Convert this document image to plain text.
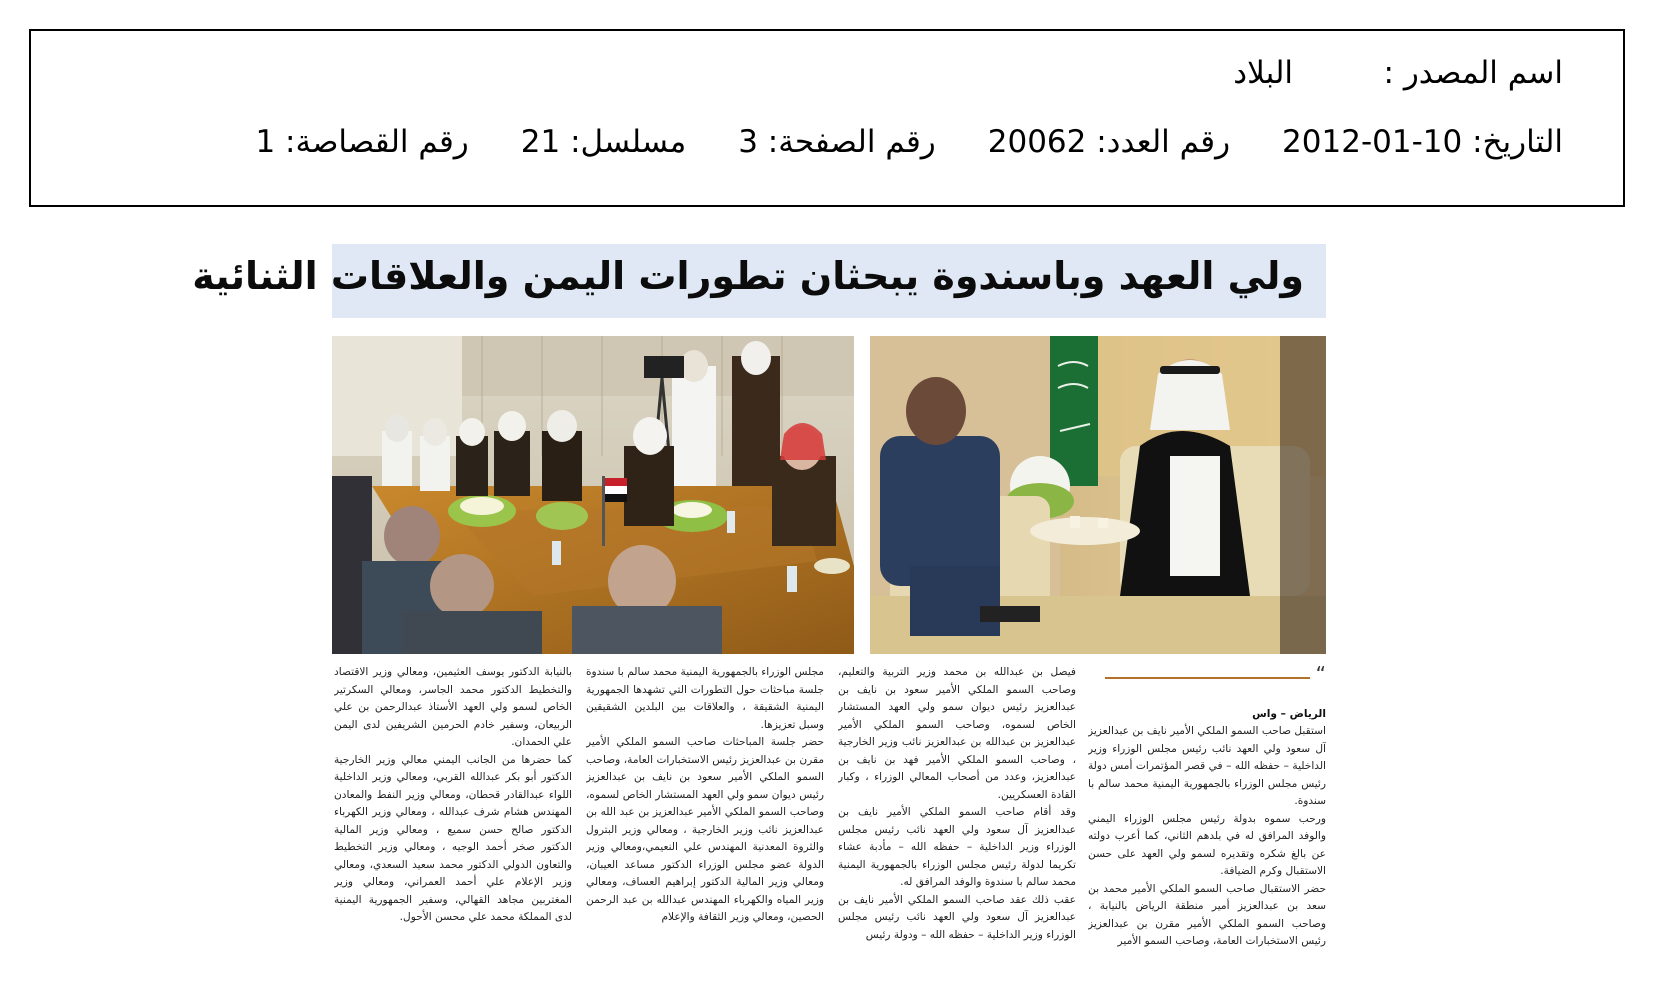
اسم المصدر :البلاد
التاريخ: 10-01-2012رقم العدد: 20062رقم الصفحة: 3مسلسل: 21رقم القصاصة: 1
ولي العهد وباسندوة يبحثان تطورات اليمن والعلاقات الثنائية
“
الرياض – واس
استقبل صاحب السمو الملكي الأمير نايف بن عبدالعزيز آل سعود ولي العهد نائب رئيس مجلس الوزراء وزير الداخلية – حفظه الله – في قصر المؤتمرات أمس دولة رئيس مجلس الوزراء بالجمهورية اليمنية محمد سالم با سندوة.
ورحب سموه بدولة رئيس مجلس الوزراء اليمني والوفد المرافق له في بلدهم الثاني، كما أعرب دولته عن بالغ شكره وتقديره لسمو ولي العهد على حسن الاستقبال وكرم الضيافة.
حضر الاستقبال صاحب السمو الملكي الأمير محمد بن سعد بن عبدالعزيز أمير منطقة الرياض بالنيابة ، وصاحب السمو الملكي الأمير مقرن بن عبدالعزيز رئيس الاستخبارات العامة، وصاحب السمو الأمير
فيصل بن عبدالله بن محمد وزير التربية والتعليم، وصاحب السمو الملكي الأمير سعود بن نايف بن عبدالعزيز رئيس ديوان سمو ولي العهد المستشار الخاص لسموه، وصاحب السمو الملكي الأمير عبدالعزيز بن عبدالله بن عبدالعزيز نائب وزير الخارجية ، وصاحب السمو الملكي الأمير فهد بن نايف بن عبدالعزيز، وعدد من أصحاب المعالي الوزراء ، وكبار القادة العسكريين.
وقد أقام صاحب السمو الملكي الأمير نايف بن عبدالعزيز آل سعود ولي العهد نائب رئيس مجلس الوزراء وزير الداخلية – حفظه الله – مأدبة عشاء تكريما لدولة رئيس مجلس الوزراء بالجمهورية اليمنية محمد سالم با سندوة والوفد المرافق له.
عقب ذلك عقد صاحب السمو الملكي الأمير نايف بن عبدالعزيز آل سعود ولي العهد نائب رئيس مجلس الوزراء وزير الداخلية – حفظه الله – ودولة رئيس
مجلس الوزراء بالجمهورية اليمنية محمد سالم با سندوة جلسة مباحثات حول التطورات التي تشهدها الجمهورية اليمنية الشقيقة ، والعلاقات بين البلدين الشقيقين وسبل تعزيزها.
حضر جلسة المباحثات صاحب السمو الملكي الأمير مقرن بن عبدالعزيز رئيس الاستخبارات العامة، وصاحب السمو الملكي الأمير سعود بن نايف بن عبدالعزيز رئيس ديوان سمو ولي العهد المستشار الخاص لسموه، وصاحب السمو الملكي الأمير عبدالعزيز بن عبد الله بن عبدالعزيز نائب وزير الخارجية ، ومعالي وزير البترول والثروة المعدنية المهندس علي النعيمي،ومعالي وزير الدولة عضو مجلس الوزراء الدكتور مساعد العيبان، ومعالي وزير المالية الدكتور إبراهيم العساف، ومعالي وزير المياه والكهرباء المهندس عبدالله بن عبد الرحمن الحصين، ومعالي وزير الثقافة والإعلام
بالنيابة الدكتور يوسف العثيمين، ومعالي وزير الاقتصاد والتخطيط الدكتور محمد الجاسر، ومعالي السكرتير الخاص لسمو ولي العهد الأستاذ عبدالرحمن بن علي الربيعان، وسفير خادم الحرمين الشريفين لدى اليمن علي الحمدان.
كما حضرها من الجانب اليمني معالي وزير الخارجية الدكتور أبو بكر عبدالله القربي، ومعالي وزير الداخلية اللواء عبدالقادر قحطان، ومعالي وزير النفط والمعادن المهندس هشام شرف عبدالله ، ومعالي وزير الكهرباء الدكتور صالح حسن سميع ، ومعالي وزير المالية الدكتور صخر أحمد الوجيه ، ومعالي وزير التخطيط والتعاون الدولي الدكتور محمد سعيد السعدي، ومعالي وزير الإعلام علي أحمد العمراني، ومعالي وزير المغتربين مجاهد القهالي، وسفير الجمهورية اليمنية لدى المملكة محمد علي محسن الأحول.
